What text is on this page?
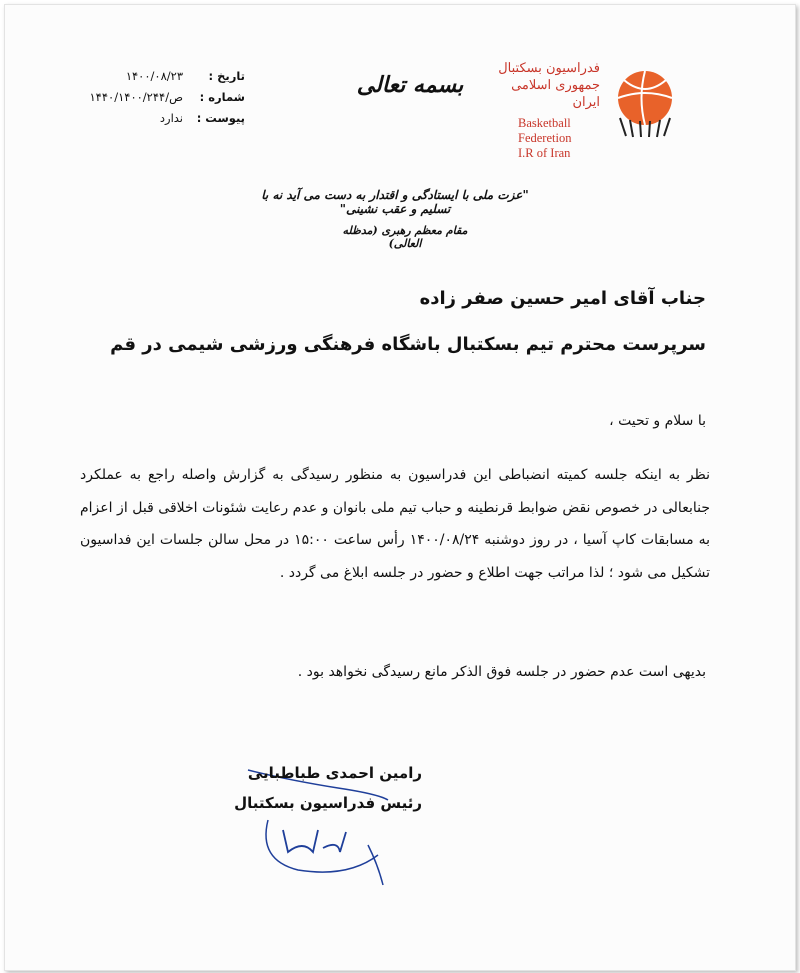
فدراسیون بسکتبال
جمهوری اسلامی ایران
Basketball
Federetion
I.R of Iran
بسمه تعالی
تاریخ :
۱۴۰۰/۰۸/۲۳
شماره :
۱۴۴۰/ص/۱۴۰۰/۲۴۴
پیوست :
ندارد
"عزت ملی با ایستادگی و اقتدار به دست می آید نه با تسلیم و عقب نشینی"
مقام معظم رهبری (مدظله العالی)
جناب آقای امیر حسین صفر زاده
سرپرست محترم تیم بسکتبال باشگاه فرهنگی ورزشی شیمی در قم
با سلام و تحیت ،
نظر به اینکه جلسه کمیته انضباطی این فدراسیون به منظور رسیدگی به گزارش واصله راجع به عملکرد جنابعالی در خصوص نقض ضوابط قرنطینه و حباب تیم ملی بانوان و عدم رعایت شئونات اخلاقی قبل از اعزام به مسابقات کاپ آسیا ، در روز دوشنبه ۱۴۰۰/۰۸/۲۴ رأس ساعت ۱۵:۰۰ در محل سالن جلسات این فداسیون تشکیل می شود ؛ لذا مراتب جهت اطلاع و حضور در جلسه ابلاغ می گردد .
بدیهی است عدم حضور در جلسه فوق الذکر مانع رسیدگی نخواهد بود .
رامین احمدی طباطبایی
رئیس فدراسیون بسکتبال
